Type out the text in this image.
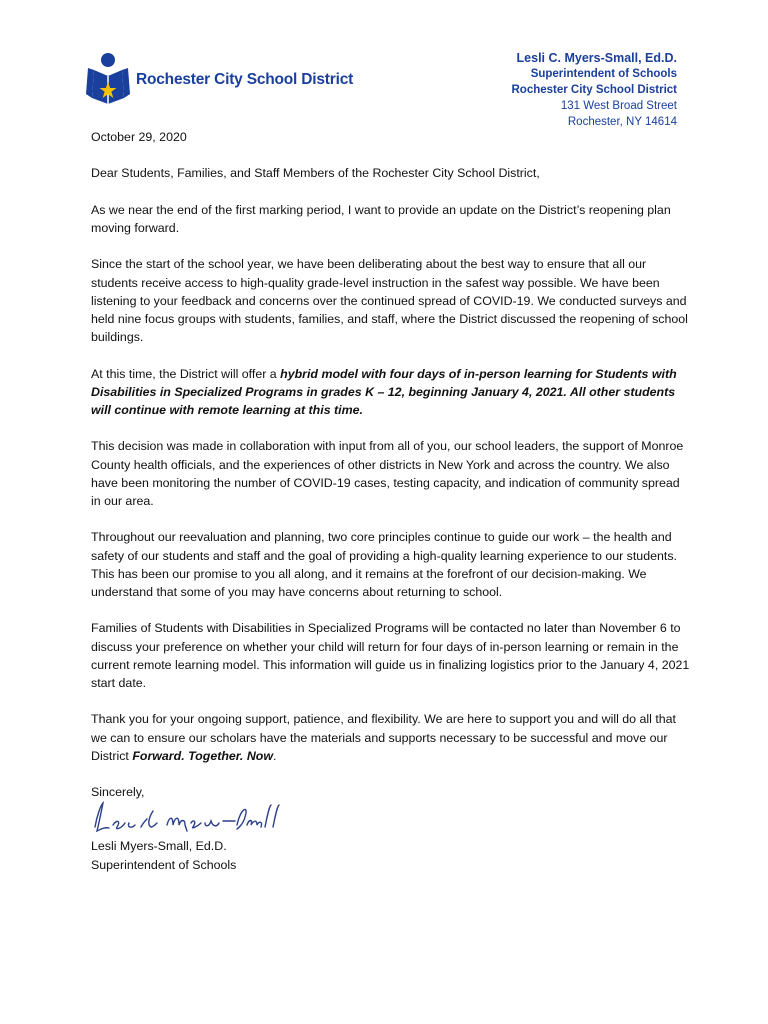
Rochester City School District
Lesli C. Myers-Small, Ed.D.
Superintendent of Schools
Rochester City School District
131 West Broad Street
Rochester, NY 14614

October 29, 2020

Dear Students, Families, and Staff Members of the Rochester City School District,

As we near the end of the first marking period, I want to provide an update on the District’s reopening plan moving forward.

Since the start of the school year, we have been deliberating about the best way to ensure that all our students receive access to high-quality grade-level instruction in the safest way possible. We have been listening to your feedback and concerns over the continued spread of COVID-19. We conducted surveys and held nine focus groups with students, families, and staff, where the District discussed the reopening of school buildings.

At this time, the District will offer a hybrid model with four days of in-person learning for Students with Disabilities in Specialized Programs in grades K – 12, beginning January 4, 2021. All other students will continue with remote learning at this time.

This decision was made in collaboration with input from all of you, our school leaders, the support of Monroe County health officials, and the experiences of other districts in New York and across the country. We also have been monitoring the number of COVID-19 cases, testing capacity, and indication of community spread in our area.

Throughout our reevaluation and planning, two core principles continue to guide our work – the health and safety of our students and staff and the goal of providing a high-quality learning experience to our students. This has been our promise to you all along, and it remains at the forefront of our decision-making. We understand that some of you may have concerns about returning to school.

Families of Students with Disabilities in Specialized Programs will be contacted no later than November 6 to discuss your preference on whether your child will return for four days of in-person learning or remain in the current remote learning model. This information will guide us in finalizing logistics prior to the January 4, 2021 start date.

Thank you for your ongoing support, patience, and flexibility. We are here to support you and will do all that we can to ensure our scholars have the materials and supports necessary to be successful and move our District Forward. Together. Now.

Sincerely,

Lesli Myers-Small, Ed.D.
Superintendent of Schools
